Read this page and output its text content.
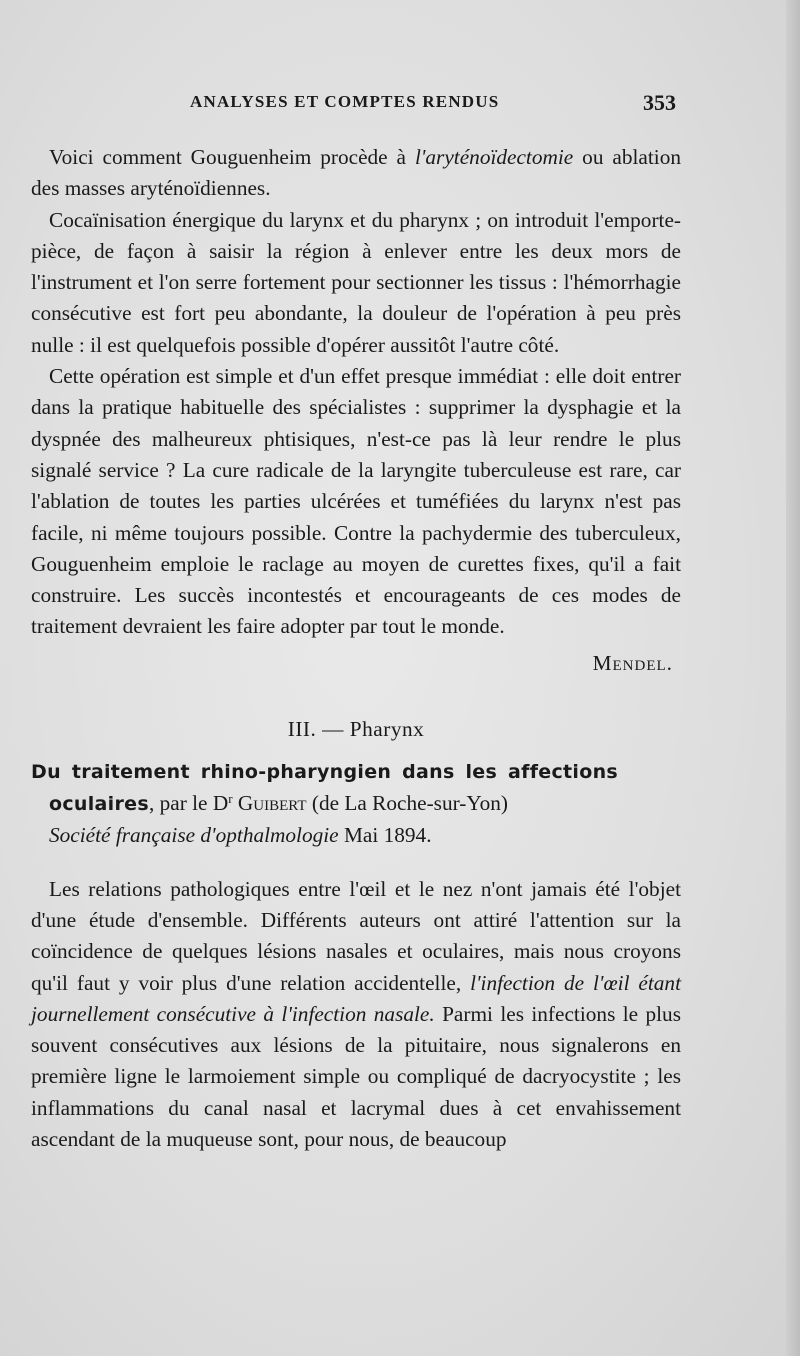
ANALYSES ET COMPTES RENDUS	353

Voici comment Gouguenheim procède à l'aryténoïdectomie ou ablation des masses aryténoïdiennes.

Cocaïnisation énergique du larynx et du pharynx ; on introduit l'emporte-pièce, de façon à saisir la région à enlever entre les deux mors de l'instrument et l'on serre fortement pour sectionner les tissus : l'hémorrhagie consécutive est fort peu abondante, la douleur de l'opération à peu près nulle : il est quelquefois possible d'opérer aussitôt l'autre côté.

Cette opération est simple et d'un effet presque immédiat : elle doit entrer dans la pratique habituelle des spécialistes : supprimer la dysphagie et la dyspnée des malheureux phtisiques, n'est-ce pas là leur rendre le plus signalé service ? La cure radicale de la laryngite tuberculeuse est rare, car l'ablation de toutes les parties ulcérées et tuméfiées du larynx n'est pas facile, ni même toujours possible. Contre la pachydermie des tuberculeux, Gouguenheim emploie le raclage au moyen de curettes fixes, qu'il a fait construire. Les succès incontestés et encourageants de ces modes de traitement devraient les faire adopter par tout le monde.

Mendel.
III. — Pharynx
Du traitement rhino-pharyngien dans les affections
oculaires, par le $D^r$ Guibert (de La Roche-sur-Yon)
Société française d'opthalmologie Mai 1894.

Les relations pathologiques entre l'œil et le nez n'ont jamais été l'objet d'une étude d'ensemble. Différents auteurs ont attiré l'attention sur la coïncidence de quelques lésions nasales et oculaires, mais nous croyons qu'il faut y voir plus d'une relation accidentelle, l'infection de l'œil étant journellement consécutive à l'infection nasale. Parmi les infections le plus souvent consécutives aux lésions de la pituitaire, nous signalerons en première ligne le larmoiement simple ou compliqué de dacryocystite ; les inflammations du canal nasal et lacrymal dues à cet envahissement ascendant de la muqueuse sont, pour nous, de beaucoup
